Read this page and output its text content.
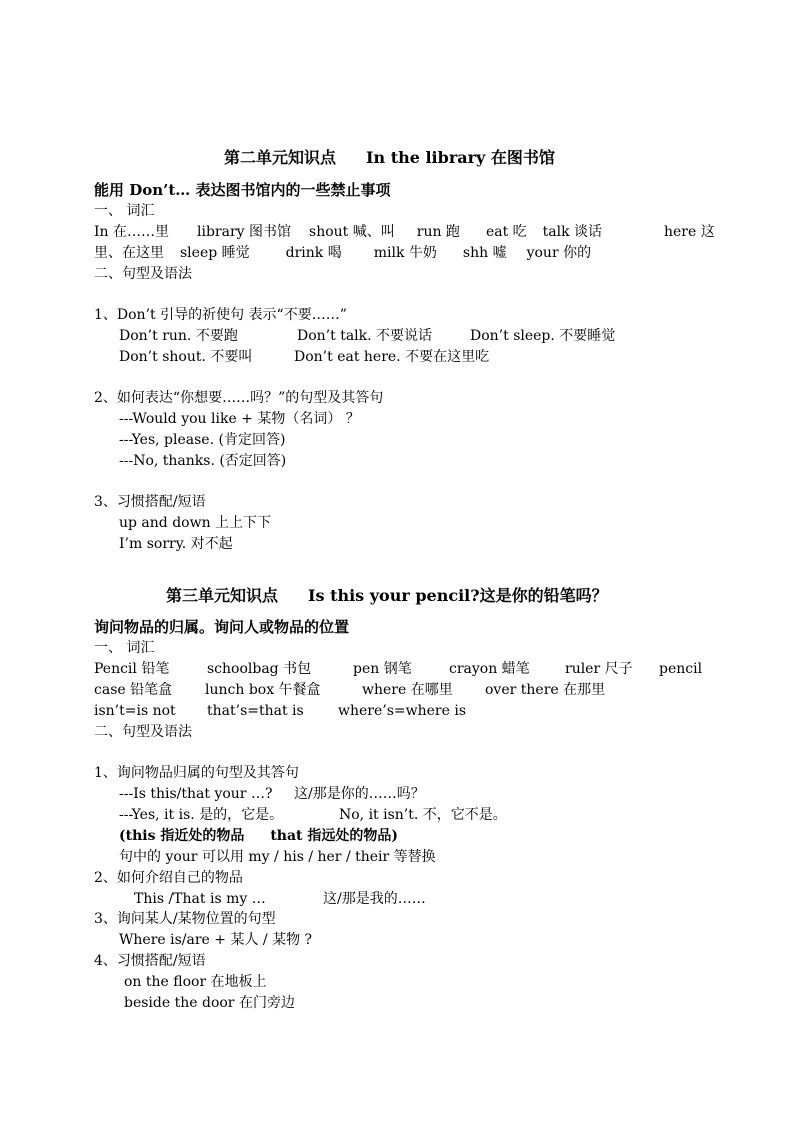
第二单元知识点 In the library 在图书馆
能用 Don’t… 表达图书馆内的一些禁止事项
一、 词汇
In 在……里 library 图书馆 shout 喊、叫 run 跑 eat 吃 talk 谈话	here 这
里、在这里 sleep 睡觉	drink 喝 milk 牛奶 shh 嘘 your 你的
二、句型及语法
1、Don’t 引导的祈使句 表示“不要……”
Don’t run. 不要跑	Don’t talk. 不要说话	Don’t sleep. 不要睡觉
Don’t shout. 不要叫	Don’t eat here. 不要在这里吃
2、如何表达“你想要……吗？”的句型及其答句
---Would you like + 某物（名词） ？
---Yes, please. (肯定回答)
---No, thanks. (否定回答)
3、习惯搭配/短语
up and down 上上下下
I’m sorry. 对不起
第三单元知识点 Is this your pencil?这是你的铅笔吗？
询问物品的归属。询问人或物品的位置
一、 词汇
Pencil 铅笔	schoolbag 书包	pen 钢笔	crayon 蜡笔	ruler 尺子 pencil
case 铅笔盒 lunch box 午餐盒	where 在哪里 over there 在那里
isn’t=is not that’s=that is where’s=where is
二、句型及语法
1、询问物品归属的句型及其答句
---Is this/that your …? 这/那是你的……吗？
---Yes, it is. 是的，它是。	No, it isn’t. 不，它不是。
(this 指近处的物品 that 指远处的物品)
句中的 your 可以用 my / his / her / their 等替换
2、如何介绍自己的物品
This /That is my …	这/那是我的……
3、询问某人/某物位置的句型
Where is/are + 某人 / 某物 ?
4、习惯搭配/短语
on the floor 在地板上
beside the door 在门旁边
